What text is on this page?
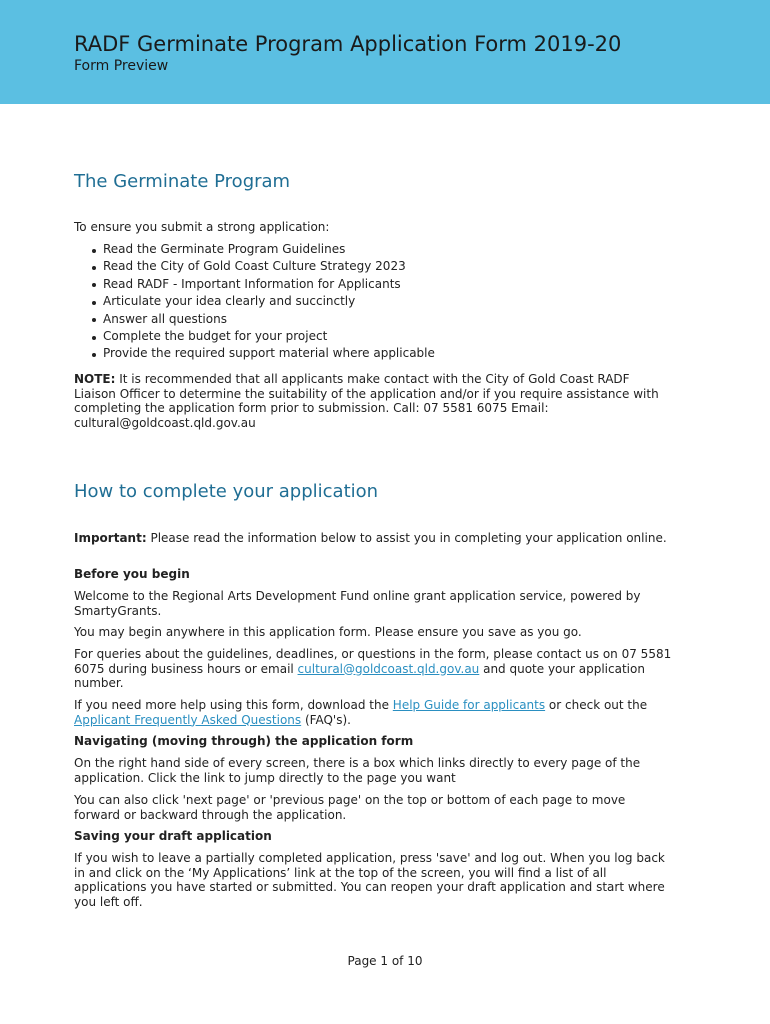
RADF Germinate Program Application Form 2019-20
Form Preview
The Germinate Program
To ensure you submit a strong application:
Read the Germinate Program Guidelines
Read the City of Gold Coast Culture Strategy 2023
Read RADF - Important Information for Applicants
Articulate your idea clearly and succinctly
Answer all questions
Complete the budget for your project
Provide the required support material where applicable
NOTE: It is recommended that all applicants make contact with the City of Gold Coast RADF Liaison Officer to determine the suitability of the application and/or if you require assistance with completing the application form prior to submission. Call: 07 5581 6075 Email: cultural@goldcoast.qld.gov.au
How to complete your application
Important: Please read the information below to assist you in completing your application online.
Before you begin
Welcome to the Regional Arts Development Fund online grant application service, powered by SmartyGrants.
You may begin anywhere in this application form. Please ensure you save as you go.
For queries about the guidelines, deadlines, or questions in the form, please contact us on 07 5581 6075 during business hours or email cultural@goldcoast.qld.gov.au and quote your application number.
If you need more help using this form, download the Help Guide for applicants or check out the Applicant Frequently Asked Questions (FAQ's).
Navigating (moving through) the application form
On the right hand side of every screen, there is a box which links directly to every page of the application. Click the link to jump directly to the page you want
You can also click 'next page' or 'previous page' on the top or bottom of each page to move forward or backward through the application.
Saving your draft application
If you wish to leave a partially completed application, press 'save' and log out. When you log back in and click on the ‘My Applications’ link at the top of the screen, you will find a list of all applications you have started or submitted. You can reopen your draft application and start where you left off.
Page 1 of 10
